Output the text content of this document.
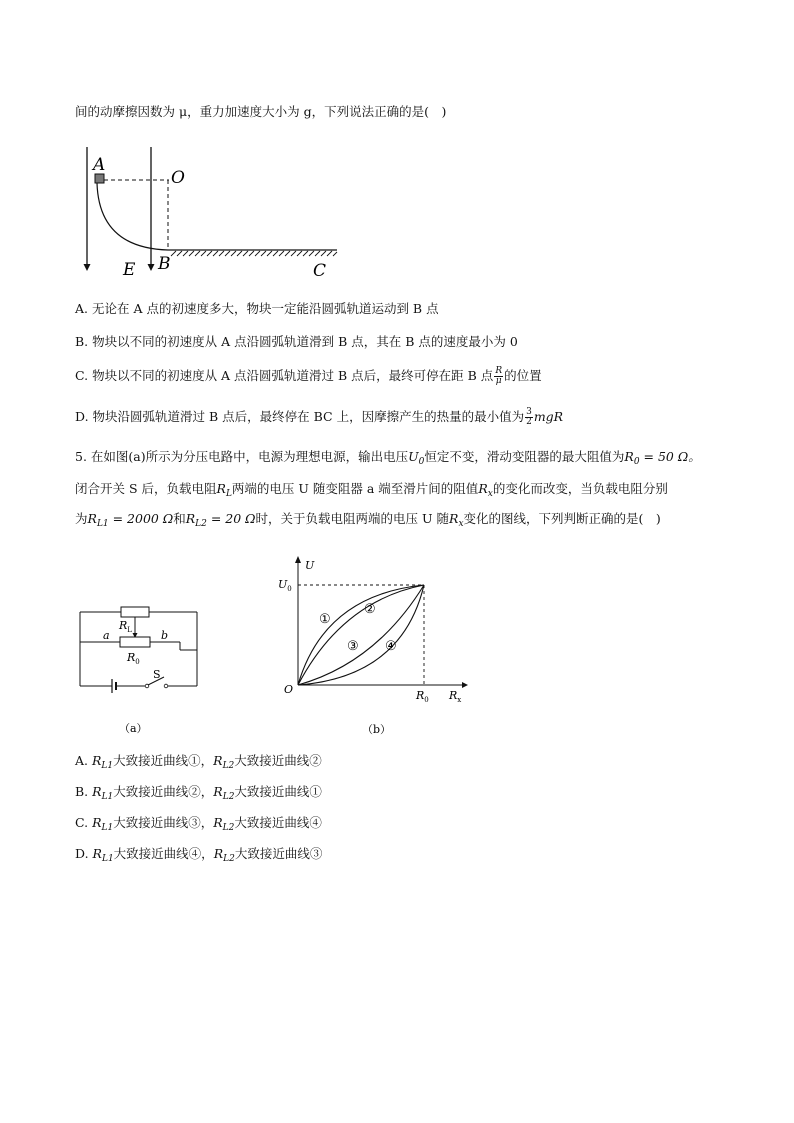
间的动摩擦因数为 μ，重力加速度大小为 g，下列说法正确的是(　)
A
O
E B	C
A. 无论在 A 点的初速度多大，物块一定能沿圆弧轨道运动到 B 点
B. 物块以不同的初速度从 A 点沿圆弧轨道滑到 B 点，其在 B 点的速度最小为 0
C. 物块以不同的初速度从 A 点沿圆弧轨道滑过 B 点后，最终可停在距 B 点 $\frac{R}{\mu}$ 的位置
D. 物块沿圆弧轨道滑过 B 点后，最终停在 BC 上，因摩擦产生的热量的最小值为 $\frac{3}{2}$ mgR
5. 在如图(a)所示为分压电路中，电源为理想电源，输出电压$U_0$恒定不变，滑动变阻器的最大阻值为$R_0 = 50$ Ω。
闭合开关 S 后，负载电阻$R_L$两端的电压 U 随变阻器 a 端至滑片间的阻值$R_x$的变化而改变，当负载电阻分别
为$R_{L1} = 2000$ Ω和$R_{L2} = 20$ Ω时，关于负载电阻两端的电压 U 随$R_x$变化的图线，下列判断正确的是(　)
$R_L$
a	b
$R_0$
S
（a）
U
$U_0$
O	$R_0$ $R_x$
①
②
③ ④
（b）
A. $R_{L1}$大致接近曲线①，$R_{L2}$大致接近曲线②
B. $R_{L1}$大致接近曲线②，$R_{L2}$大致接近曲线①
C. $R_{L1}$大致接近曲线③，$R_{L2}$大致接近曲线④
D. $R_{L1}$大致接近曲线④，$R_{L2}$大致接近曲线③
